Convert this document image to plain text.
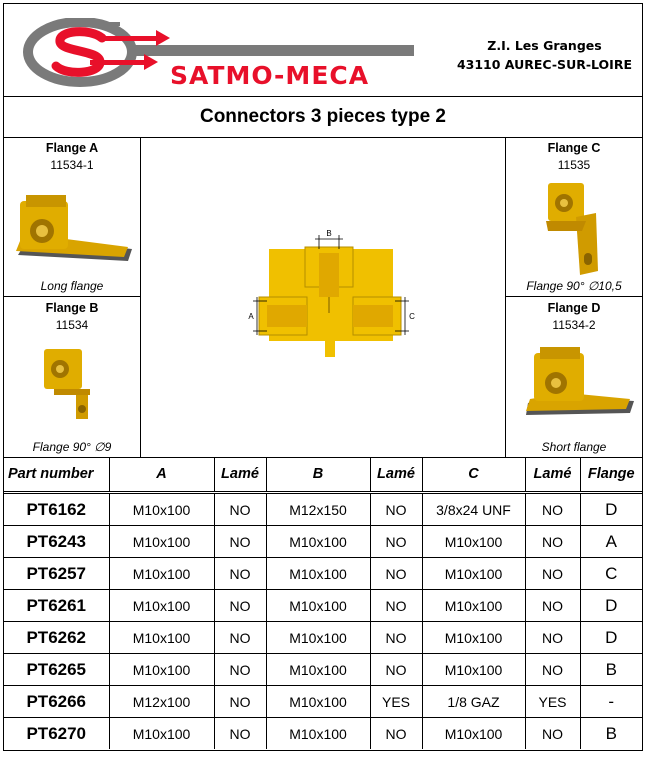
SATMO-MECA
Z.I. Les Granges
43110 AUREC-SUR-LOIRE
Connectors 3 pieces type 2
Flange A
11534-1
Long flange
Flange B
11534
Flange 90° ∅9
B
A	C
Flange C
11535
Flange 90° ∅10,5
Flange D
11534-2
Short flange
Part number	A	Lamé	B	Lamé	C	Lamé	Flange
PT6162	M10x100	NO	M12x150	NO	3/8x24 UNF	NO	D
PT6243	M10x100	NO	M10x100	NO	M10x100	NO	A
PT6257	M10x100	NO	M10x100	NO	M10x100	NO	C
PT6261	M10x100	NO	M10x100	NO	M10x100	NO	D
PT6262	M10x100	NO	M10x100	NO	M10x100	NO	D
PT6265	M10x100	NO	M10x100	NO	M10x100	NO	B
PT6266	M12x100	NO	M10x100	YES	1/8 GAZ	YES	-
PT6270	M10x100	NO	M10x100	NO	M10x100	NO	B
